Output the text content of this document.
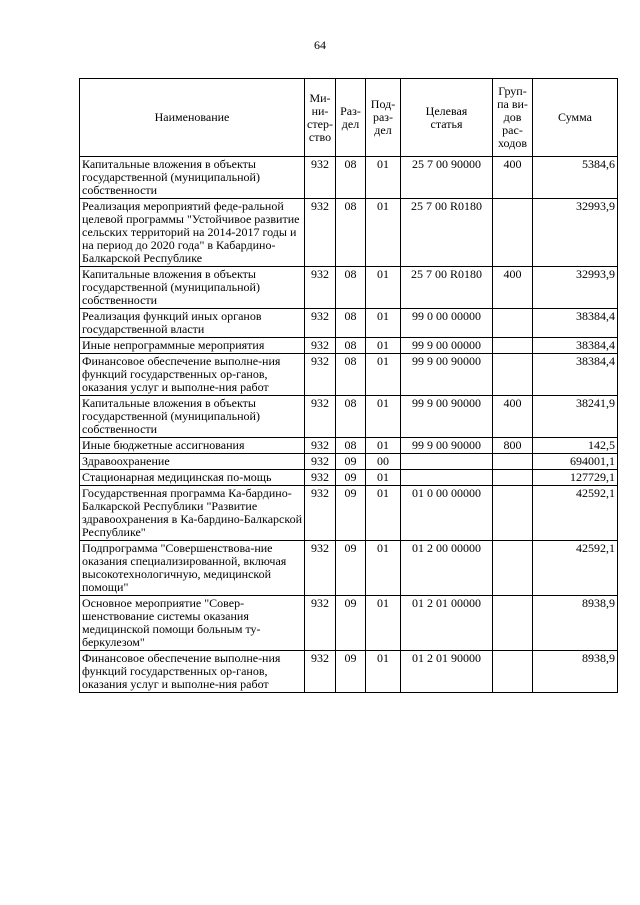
64
Наименование	Ми-
ни-
стер-
ство	Раз-
дел	Под-
раз-
дел	Целевая
статья	Груп-
па ви-
дов
рас-
ходов	Сумма
Капитальные вложения в объекты государственной (муниципальной) собственности	932	08	01	25 7 00 90000	400	5384,6
Реализация мероприятий феде-ральной целевой программы "Устойчивое развитие сельских территорий на 2014-2017 годы и на период до 2020 года" в Кабардино-Балкарской Республике	932	08	01	25 7 00 R0180		32993,9
Капитальные вложения в объекты государственной (муниципальной) собственности	932	08	01	25 7 00 R0180	400	32993,9
Реализация функций иных органов государственной власти	932	08	01	99 0 00 00000		38384,4
Иные непрограммные мероприятия	932	08	01	99 9 00 00000		38384,4
Финансовое обеспечение выполне-ния функций государственных ор-ганов, оказания услуг и выполне-ния работ	932	08	01	99 9 00 90000		38384,4
Капитальные вложения в объекты государственной (муниципальной) собственности	932	08	01	99 9 00 90000	400	38241,9
Иные бюджетные ассигнования	932	08	01	99 9 00 90000	800	142,5
Здравоохранение	932	09	00			694001,1
Стационарная медицинская по-мощь	932	09	01			127729,1
Государственная программа Ка-бардино-Балкарской Республики "Развитие здравоохранения в Ка-бардино-Балкарской Республике"	932	09	01	01 0 00 00000		42592,1
Подпрограмма "Совершенствова-ние оказания специализированной, включая высокотехнологичную, медицинской помощи"	932	09	01	01 2 00 00000		42592,1
Основное мероприятие "Совер-шенствование системы оказания медицинской помощи больным ту-беркулезом"	932	09	01	01 2 01 00000		8938,9
Финансовое обеспечение выполне-ния функций государственных ор-ганов, оказания услуг и выполне-ния работ	932	09	01	01 2 01 90000		8938,9
